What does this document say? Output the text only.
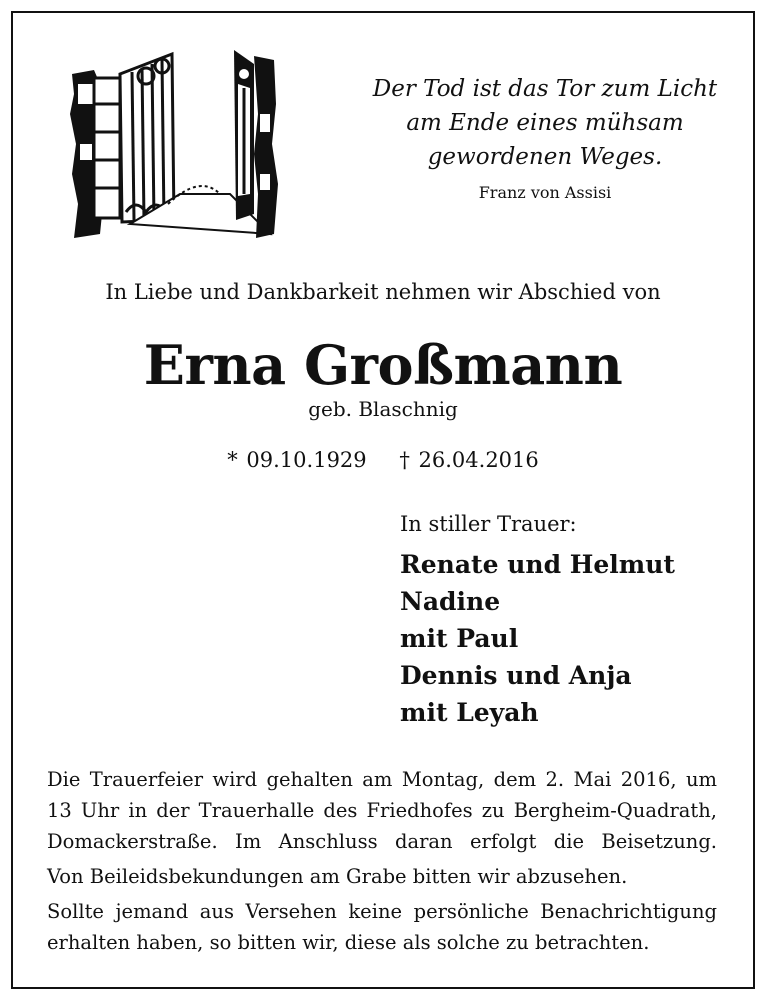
Der Tod ist das Tor zum Licht
am Ende eines mühsam
gewordenen Weges.
Franz von Assisi
In Liebe und Dankbarkeit nehmen wir Abschied von
Erna Großmann
geb. Blaschnig
* 09.10.1929 † 26.04.2016
In stiller Trauer:
Renate und Helmut
Nadine
mit Paul
Dennis und Anja
mit Leyah

Die Trauerfeier wird gehalten am Montag, dem 2. Mai 2016, um
13 Uhr in der Trauerhalle des Friedhofes zu Bergheim-Quadrath,
Domackerstraße. Im Anschluss daran erfolgt die Beisetzung.

Von Beileidsbekundungen am Grabe bitten wir abzusehen.

Sollte jemand aus Versehen keine persönliche Benachrichtigung
erhalten haben, so bitten wir, diese als solche zu betrachten.
